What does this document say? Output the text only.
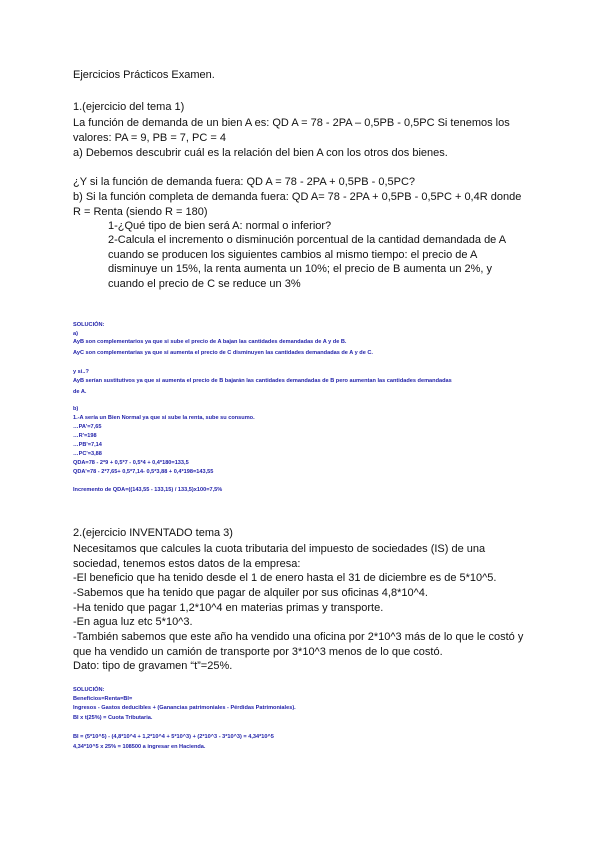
Ejercicios Prácticos Examen.
1.(ejercicio del tema 1)
La función de demanda de un bien A es: QD A = 78 - 2PA – 0,5PB - 0,5PC Si tenemos los
valores: PA = 9, PB = 7, PC = 4
a) Debemos descubrir cuál es la relación del bien A con los otros dos bienes.
¿Y si la función de demanda fuera: QD A = 78 - 2PA + 0,5PB - 0,5PC?
b) Si la función completa de demanda fuera: QD A= 78 - 2PA + 0,5PB - 0,5PC + 0,4R donde
R = Renta (siendo R = 180)
1-¿Qué tipo de bien será A: normal o inferior?
2-Calcula el incremento o disminución porcentual de la cantidad demandada de A
cuando se producen los siguientes cambios al mismo tiempo: el precio de A
disminuye un 15%, la renta aumenta un 10%; el precio de B aumenta un 2%, y
cuando el precio de C se reduce un 3%
SOLUCIÓN:
a)
AyB son complementarios ya que si sube el precio de A bajan las cantidades demandadas de A y de B.
AyC son complementarias ya que si aumenta el precio de C disminuyen las cantidades demandadas de A y de C.
y si..?
AyB serían sustitutivos ya que si aumenta el precio de B bajarán las cantidades demandadas de B pero aumentan las cantidades demandadas
de A.
b)
1.-A sería un Bien Normal ya que si sube la renta, sube su consumo.
…PA'=7,65
…R'=198
…PB'=7,14
…PC'=3,88
QDA=78 - 2*9 + 0,5*7 - 0,5*4 + 0,4*180=133,5
QDA'=78 - 2*7,65+ 0,5*7,14- 0,5*3,88 + 0,4*198=143,55
Incremento de QDA=((143,55 - 133,15) / 133,5)x100=7,5%
2.(ejercicio INVENTADO tema 3)
Necesitamos que calcules la cuota tributaria del impuesto de sociedades (IS) de una
sociedad, tenemos estos datos de la empresa:
-El beneficio que ha tenido desde el 1 de enero hasta el 31 de diciembre es de 5*10^5.
-Sabemos que ha tenido que pagar de alquiler por sus oficinas 4,8*10^4.
-Ha tenido que pagar 1,2*10^4 en materias primas y transporte.
-En agua luz etc 5*10^3.
-También sabemos que este año ha vendido una oficina por 2*10^3 más de lo que le costó y
que ha vendido un camión de transporte por 3*10^3 menos de lo que costó.
Dato: tipo de gravamen “t”=25%.
SOLUCIÓN:
Beneficios=Renta=BI=
Ingresos - Gastos deducibles + (Ganancias patrimoniales - Pérdidas Patrimoniales).
BI x t(25%) = Cuota Tributaria.
BI = (5*10^5) - (4,8*10^4 + 1,2*10^4 + 5*10^3) + (2*10^3 - 3*10^3) = 4,34*10^5
4,34*10^5 x 25% = 108500 a ingresar en Hacienda.
